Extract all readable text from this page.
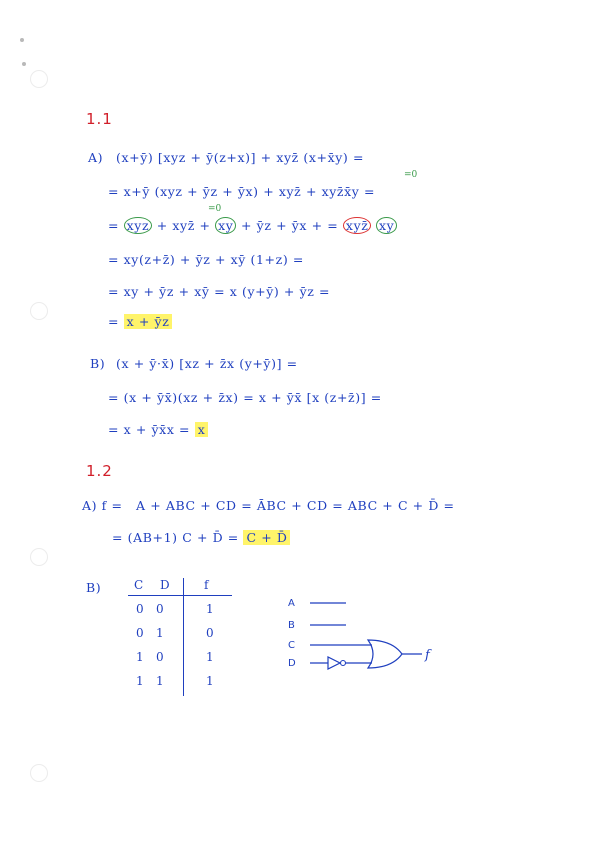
1.1
A) (x+ȳ) [xyz + ȳ(z+x)] + xyz̄ (x+x̄y) =
= x+ȳ (xyz + ȳz + ȳx) + xyz̄ + xyz̄x̄y =
=0
=0
= xyz + xyz̄ + xy + ȳz + ȳx + = xyz̄ xy
= xy(z+z̄) + ȳz + xȳ (1+z) =
= xy + ȳz + xȳ = x (y+ȳ) + ȳz =
= x + ȳz
B) (x + ȳ·x̄) [xz + z̄x (y+ȳ)] =
= (x + ȳx̄)(xz + z̄x) = x + ȳx̄ [x (z+z̄)] =
= x + ȳx̄x = x
1.2
A) f = A + ABC + CD = ĀBC + CD = ABC + C + D̄ =
= (AB+1) C + D̄ = C + D̄
B)	C D	f
0 0	1
0 1	0
1 0	1
1 1	1
A
B
C
D
f
